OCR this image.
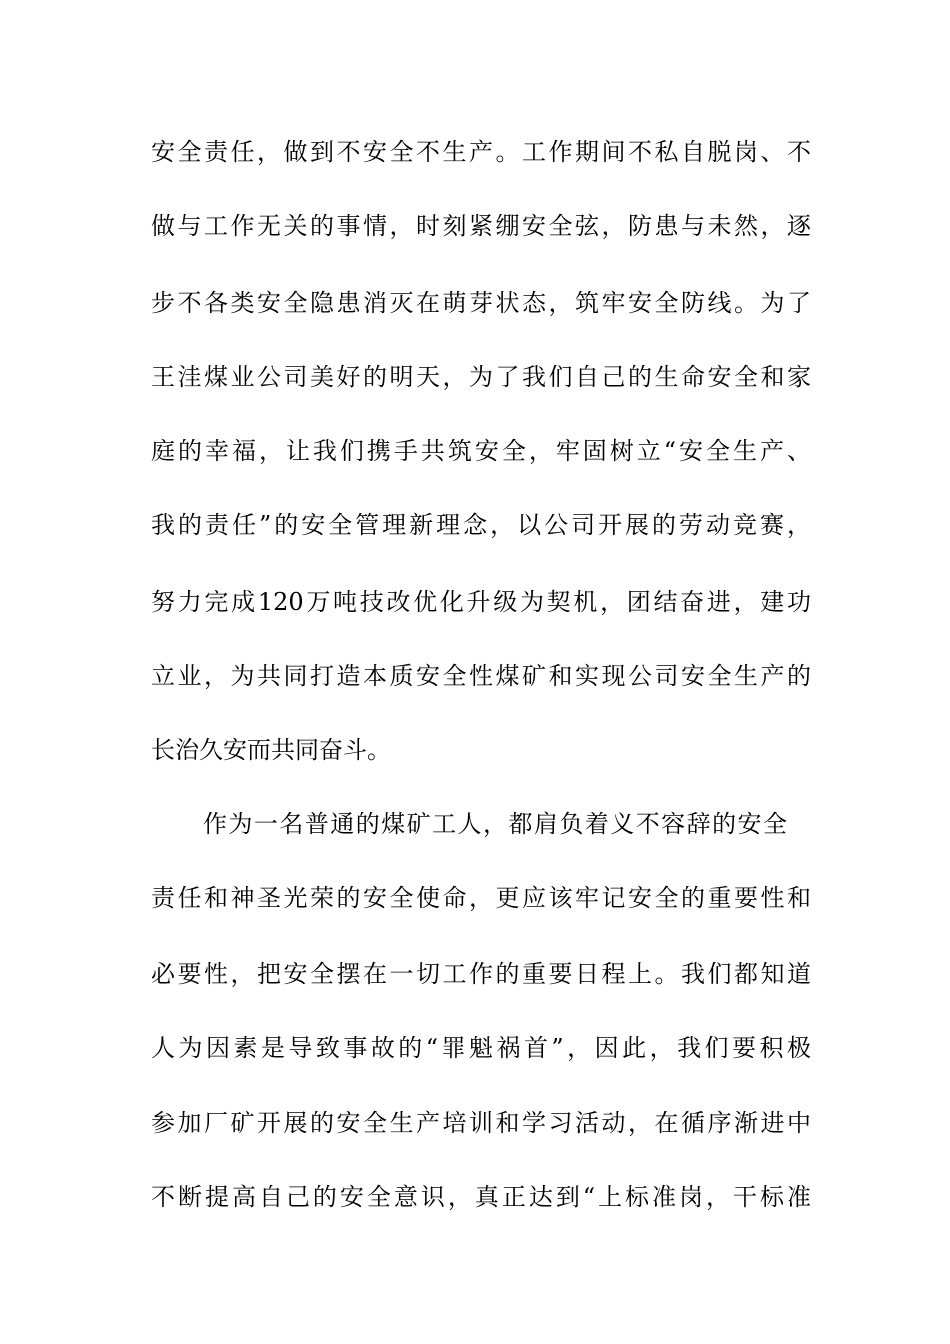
安全责任，做到不安全不生产。工作期间不私自脱岗、不
做与工作无关的事情，时刻紧绷安全弦，防患与未然，逐
步不各类安全隐患消灭在萌芽状态，筑牢安全防线。为了
王洼煤业公司美好的明天，为了我们自己的生命安全和家
庭的幸福，让我们携手共筑安全，牢固树立“安全生产、
我的责任”的安全管理新理念，以公司开展的劳动竞赛，
努力完成120万吨技改优化升级为契机，团结奋进，建功
立业，为共同打造本质安全性煤矿和实现公司安全生产的
长治久安而共同奋斗。
作为一名普通的煤矿工人，都肩负着义不容辞的安全
责任和神圣光荣的安全使命，更应该牢记安全的重要性和
必要性，把安全摆在一切工作的重要日程上。我们都知道
人为因素是导致事故的“罪魁祸首”，因此，我们要积极
参加厂矿开展的安全生产培训和学习活动，在循序渐进中
不断提高自己的安全意识，真正达到“上标准岗，干标准
